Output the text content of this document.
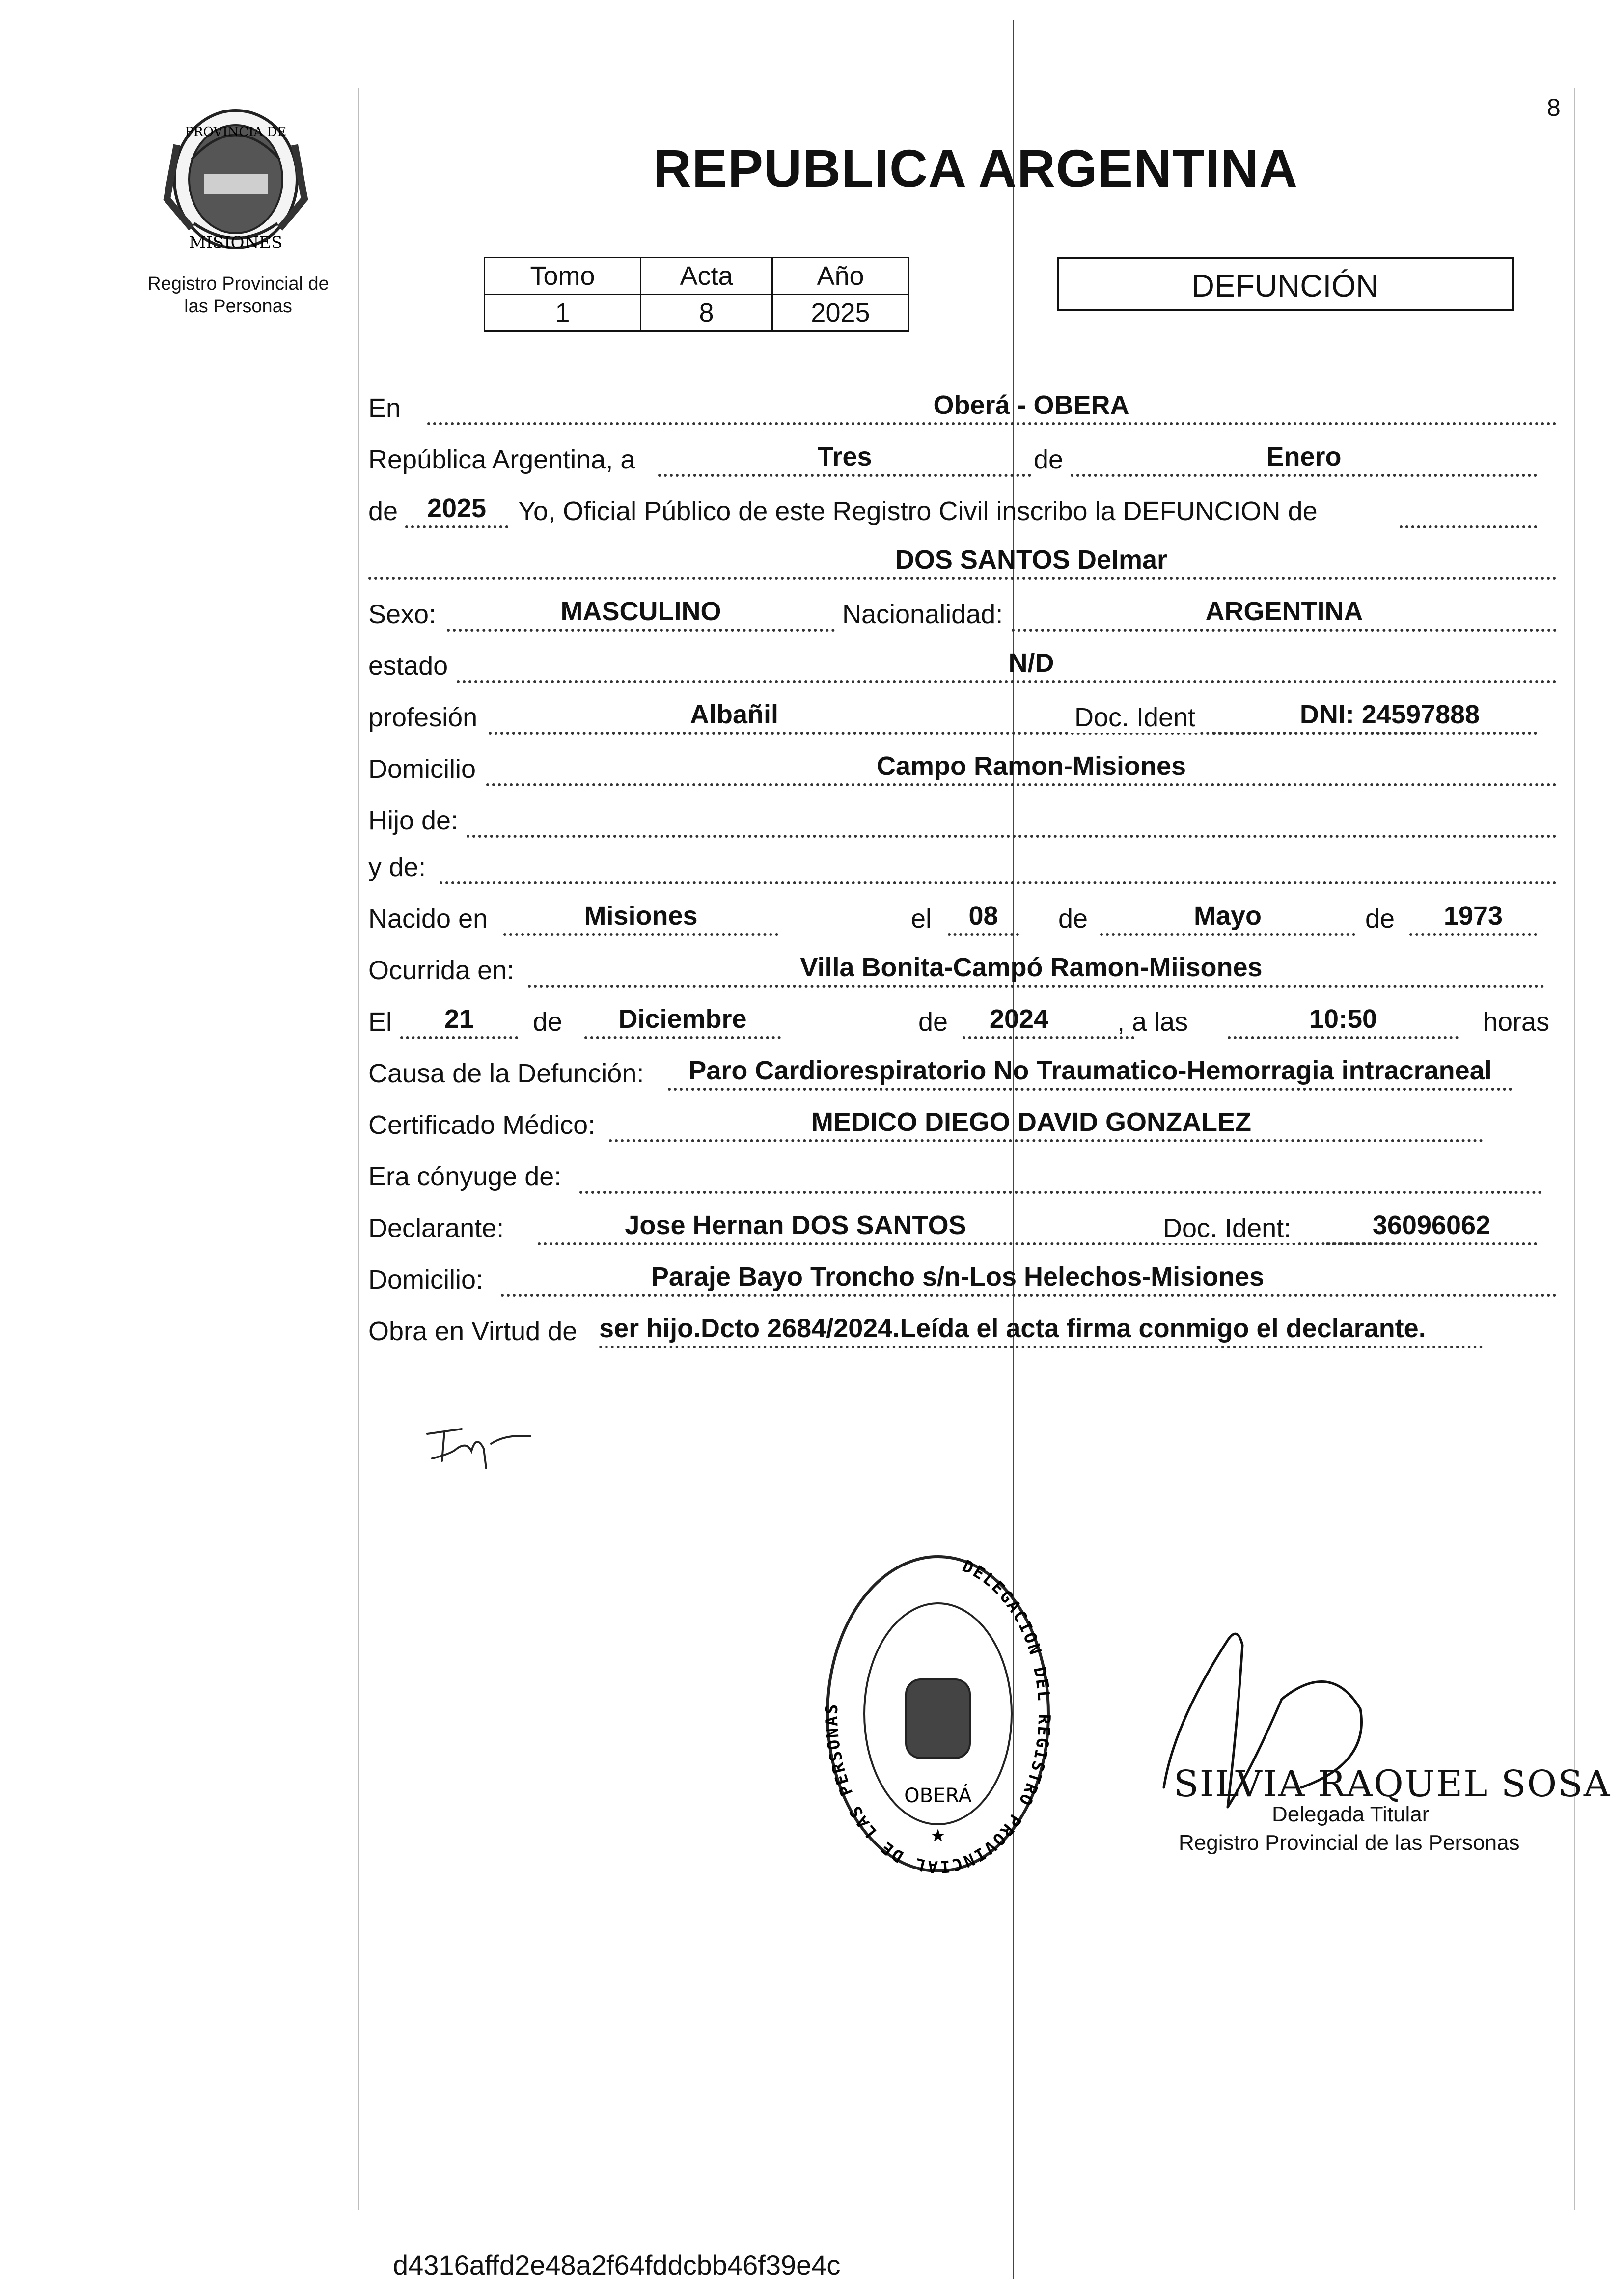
8
PROVINCIA DE
MISIONES
Registro Provincial de
las Personas
REPUBLICA ARGENTINA
Tomo	Acta	Año
1	8	2025
DEFUNCIÓN
En	Oberá - OBERA
República Argentina, a	Tres	de	Enero
de	2025	Yo, Oficial Público de este Registro Civil inscribo la DEFUNCION de
DOS SANTOS Delmar
Sexo:	MASCULINO	Nacionalidad:	ARGENTINA
estado	N/D
profesión	Albañil	Doc. Ident	DNI: 24597888
Domicilio	Campo Ramon-Misiones
Hijo de:
y de:
Nacido en	Misiones	el	08	de	Mayo	de	1973
Ocurrida en:	Villa Bonita-Campó Ramon-Miisones
El	21	de	Diciembre	de	2024	, a las	10:50	horas
Causa de la Defunción:	Paro Cardiorespiratorio No Traumatico-Hemorragia intracraneal
Certificado Médico:	MEDICO DIEGO DAVID GONZALEZ
Era cónyuge de:
Declarante:	Jose Hernan DOS SANTOS	Doc. Ident:	36096062
Domicilio:	Paraje Bayo Troncho s/n-Los Helechos-Misiones
Obra en Virtud de ser hijo.Dcto 2684/2024.Leída el acta firma conmigo el declarante.
DELEGACION DEL REGISTRO PROVINCIAL DE LAS PERSONAS
OBERÁ
★
SILVIA RAQUEL SOSA
Delegada Titular
Registro Provincial de las Personas
d4316affd2e48a2f64fddcbb46f39e4c
